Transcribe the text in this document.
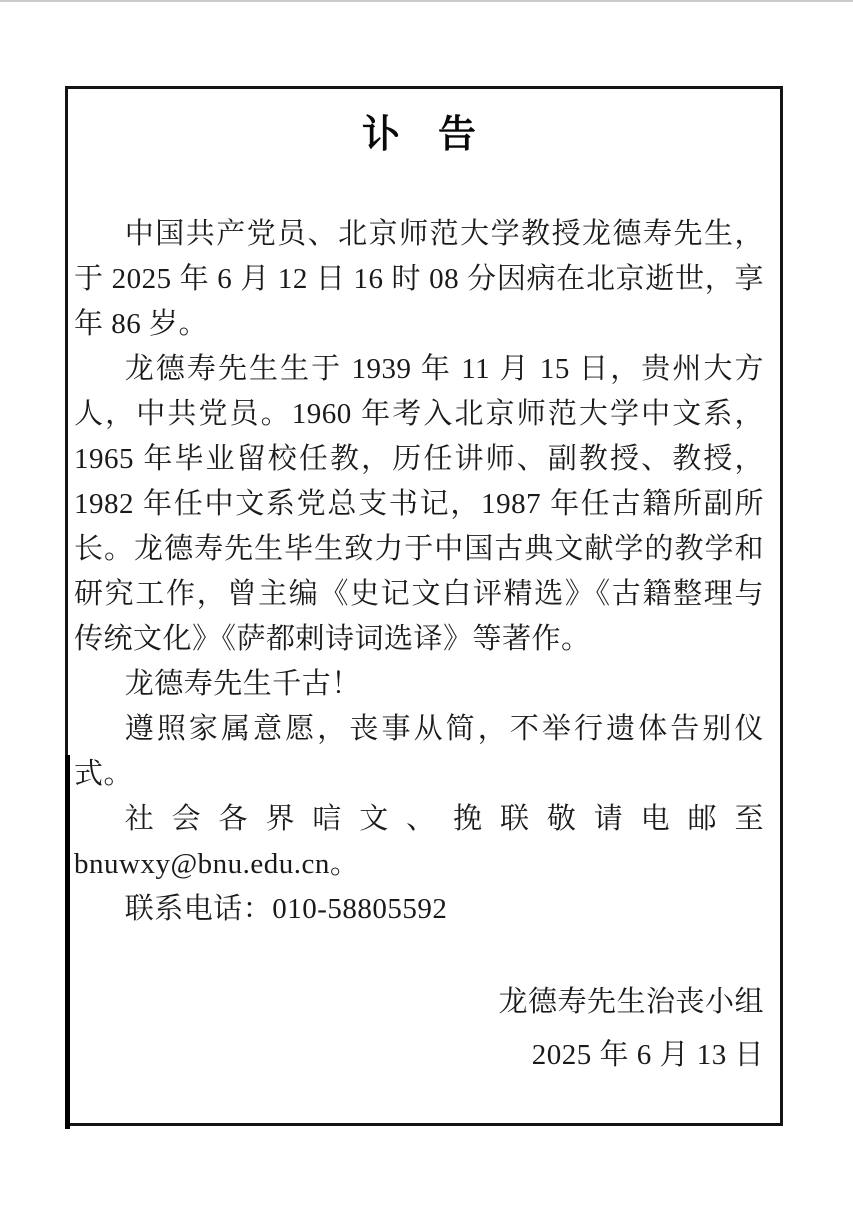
讣　告

中国共产党员、北京师范大学教授龙德寿先生，于 2025 年 6 月 12 日 16 时 08 分因病在北京逝世，享年 86 岁。

龙德寿先生生于 1939 年 11 月 15 日，贵州大方人，中共党员。1960 年考入北京师范大学中文系，1965 年毕业留校任教，历任讲师、副教授、教授，1982 年任中文系党总支书记，1987 年任古籍所副所长。龙德寿先生毕生致力于中国古典文献学的教学和研究工作，曾主编《史记文白评精选》《古籍整理与传统文化》《萨都剌诗词选译》等著作。

龙德寿先生千古！

遵照家属意愿，丧事从简，不举行遗体告别仪式。

社会各界唁文、挽联敬请电邮至 bnuwxy@bnu.edu.cn。

联系电话：010-58805592

龙德寿先生治丧小组

2025 年 6 月 13 日
